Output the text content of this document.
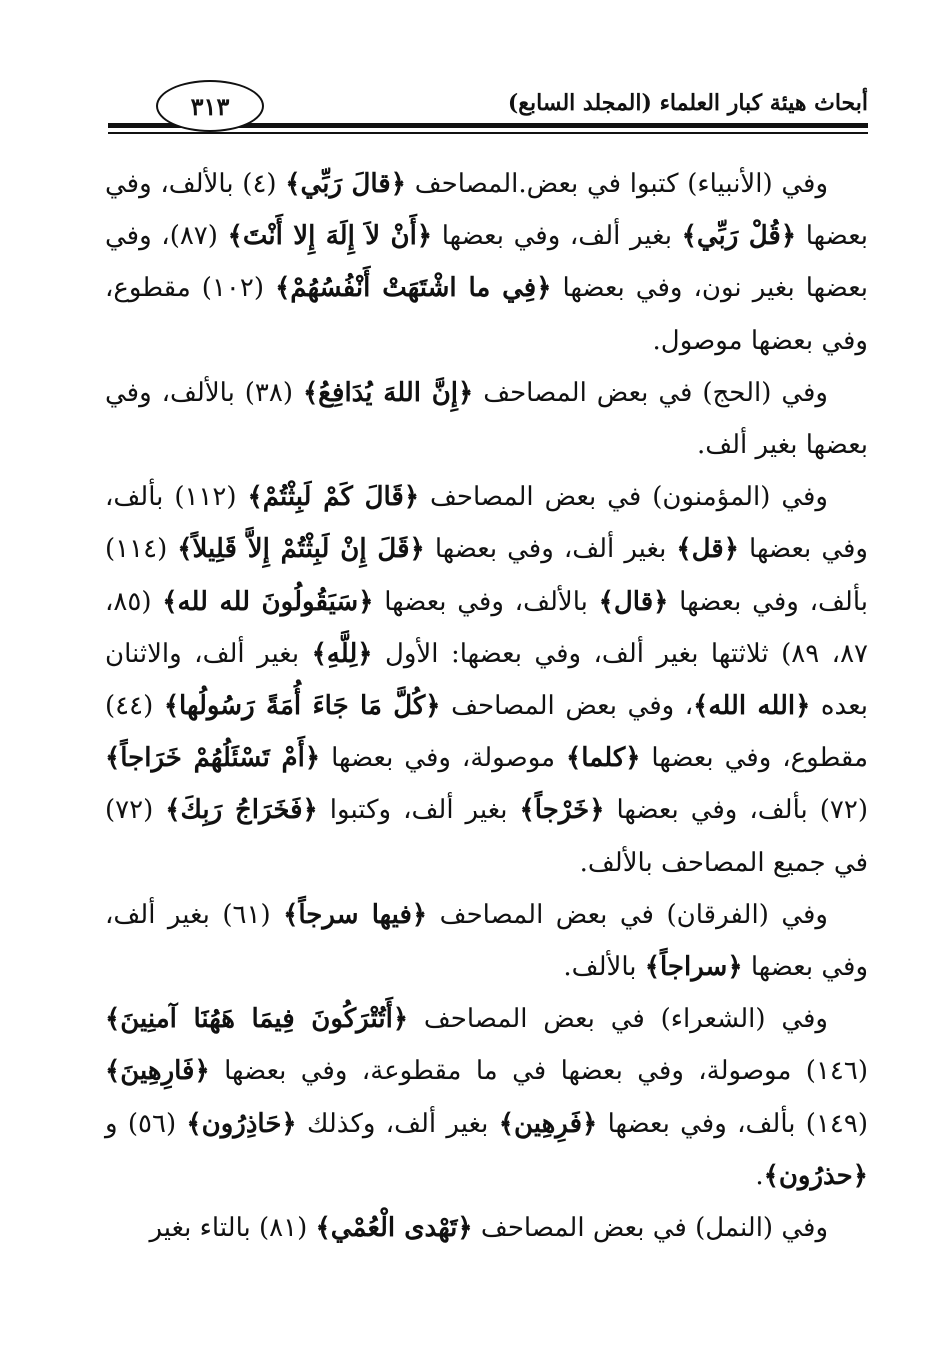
٣١٣	أبحاث هيئة كبار العلماء (المجلد السابع)

وفي (الأنبياء) كتبوا في بعض.المصاحف ﴿قالَ رَبِّي﴾ (٤) بالألف، وفي بعضها ﴿قُلْ رَبِّي﴾ بغير ألف، وفي بعضها ﴿أَنْ لاَ إِلَهَ إِلا أَنْتَ﴾ (٨٧)، وفي بعضها بغير نون، وفي بعضها ﴿فِي ما اشْتَهَتْ أَنْفُسُهُمْ﴾ (١٠٢) مقطوع، وفي بعضها موصول.

وفي (الحج) في بعض المصاحف ﴿إِنَّ اللهَ يُدَافِعُ﴾ (٣٨) بالألف، وفي بعضها بغير ألف.

وفي (المؤمنون) في بعض المصاحف ﴿قَالَ كَمْ لَبِثْتُمْ﴾ (١١٢) بألف، وفي بعضها ﴿قل﴾ بغير ألف، وفي بعضها ﴿قَلَ إِنْ لَبِثْتُمْ إِلاَّ قَلِيلاً﴾ (١١٤) بألف، وفي بعضها ﴿قال﴾ بالألف، وفي بعضها ﴿سَيَقُولُونَ لله لله﴾ (٨٥، ٨٧، ٨٩) ثلاثتها بغير ألف، وفي بعضها: الأول ﴿لِلَّهِ﴾ بغير ألف، والاثنان بعده ﴿الله الله﴾، وفي بعض المصاحف ﴿كُلَّ مَا جَاءَ أُمَةً رَسُولُها﴾ (٤٤) مقطوع، وفي بعضها ﴿كلما﴾ موصولة، وفي بعضها ﴿أَمْ تَسْئَلُهُمْ خَرَاجاً﴾ (٧٢) بألف، وفي بعضها ﴿خَرْجاً﴾ بغير ألف، وكتبوا ﴿فَخَرَاجُ رَبِكَ﴾ (٧٢) في جميع المصاحف بالألف.

وفي (الفرقان) في بعض المصاحف ﴿فيها سرجاً﴾ (٦١) بغير ألف، وفي بعضها ﴿سراجاً﴾ بالألف.

وفي (الشعراء) في بعض المصاحف ﴿أَتُتْرَكُونَ فِيمَا هَهُنَا آمنِينَ﴾ (١٤٦) موصولة، وفي بعضها في ما مقطوعة، وفي بعضها ﴿فَارِهِينَ﴾ (١٤٩) بألف، وفي بعضها ﴿فَرِهِين﴾ بغير ألف، وكذلك ﴿حَاذِرُون﴾ (٥٦) و ﴿حذرُون﴾.

وفي (النمل) في بعض المصاحف ﴿تَهْدى الْعُمْي﴾ (٨١) بالتاء بغير
